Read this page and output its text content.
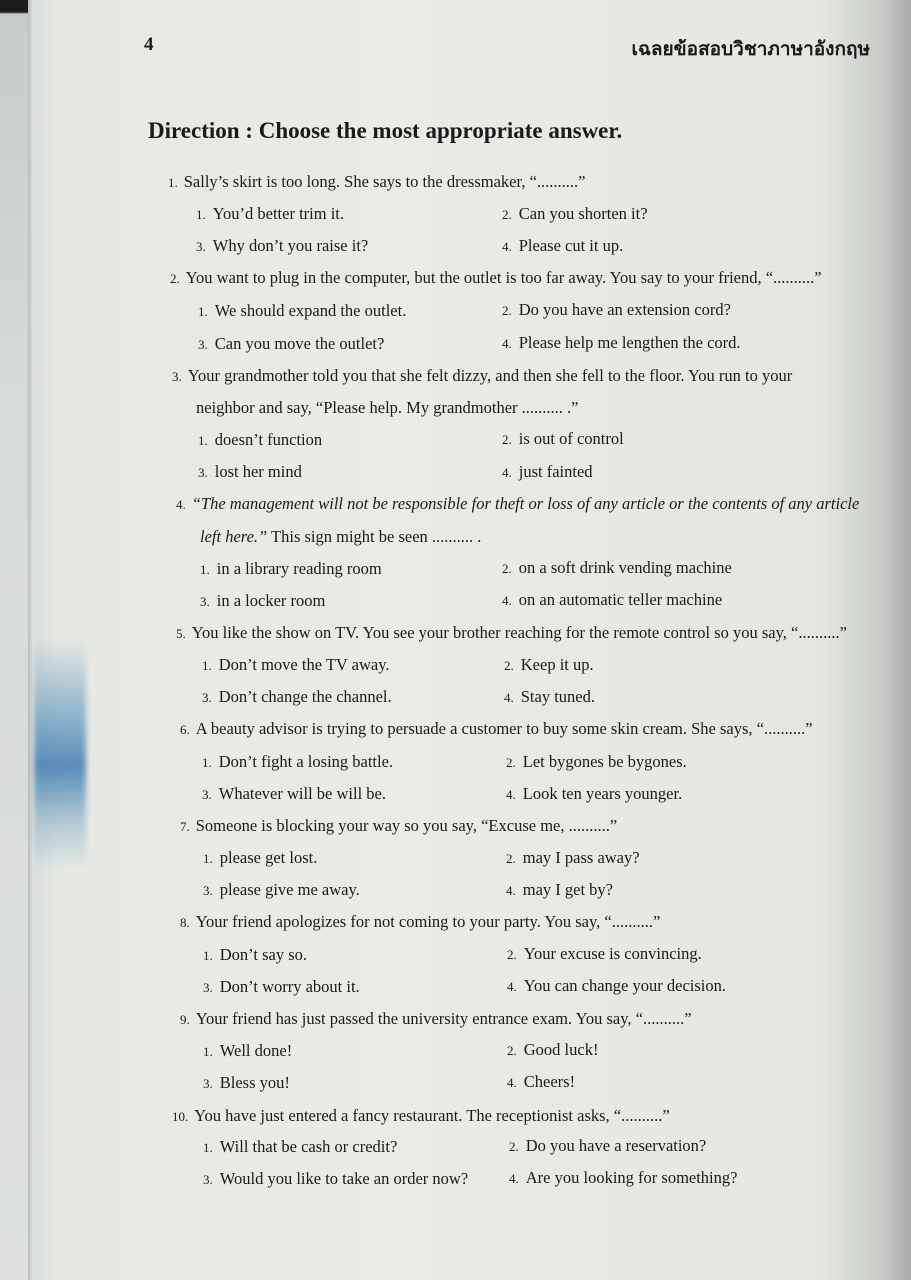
4	เฉลยข้อสอบวิชาภาษาอังกฤษ
Direction : Choose the most appropriate answer.
1. Sally’s skirt is too long. She says to the dressmaker, “..........”
1. You’d better trim it.	2. Can you shorten it?
3. Why don’t you raise it?	4. Please cut it up.
2. You want to plug in the computer, but the outlet is too far away. You say to your friend, “..........”
1. We should expand the outlet.	2. Do you have an extension cord?
3. Can you move the outlet?	4. Please help me lengthen the cord.
3. Your grandmother told you that she felt dizzy, and then she fell to the floor. You run to your
neighbor and say, “Please help. My grandmother .......... .”
1. doesn’t function	2. is out of control
3. lost her mind	4. just fainted
4. “The management will not be responsible for theft or loss of any article or the contents of any article
left here.” This sign might be seen .......... .
1. in a library reading room	2. on a soft drink vending machine
3. in a locker room	4. on an automatic teller machine
5. You like the show on TV. You see your brother reaching for the remote control so you say, “..........”
1. Don’t move the TV away.	2. Keep it up.
3. Don’t change the channel.	4. Stay tuned.
6. A beauty advisor is trying to persuade a customer to buy some skin cream. She says, “..........”
1. Don’t fight a losing battle.	2. Let bygones be bygones.
3. Whatever will be will be.	4. Look ten years younger.
7. Someone is blocking your way so you say, “Excuse me, ..........”
1. please get lost.	2. may I pass away?
3. please give me away.	4. may I get by?
8. Your friend apologizes for not coming to your party. You say, “..........”
1. Don’t say so.	2. Your excuse is convincing.
3. Don’t worry about it.	4. You can change your decision.
9. Your friend has just passed the university entrance exam. You say, “..........”
1. Well done!	2. Good luck!
3. Bless you!	4. Cheers!
10. You have just entered a fancy restaurant. The receptionist asks, “..........”
1. Will that be cash or credit?	2. Do you have a reservation?
3. Would you like to take an order now?	4. Are you looking for something?
